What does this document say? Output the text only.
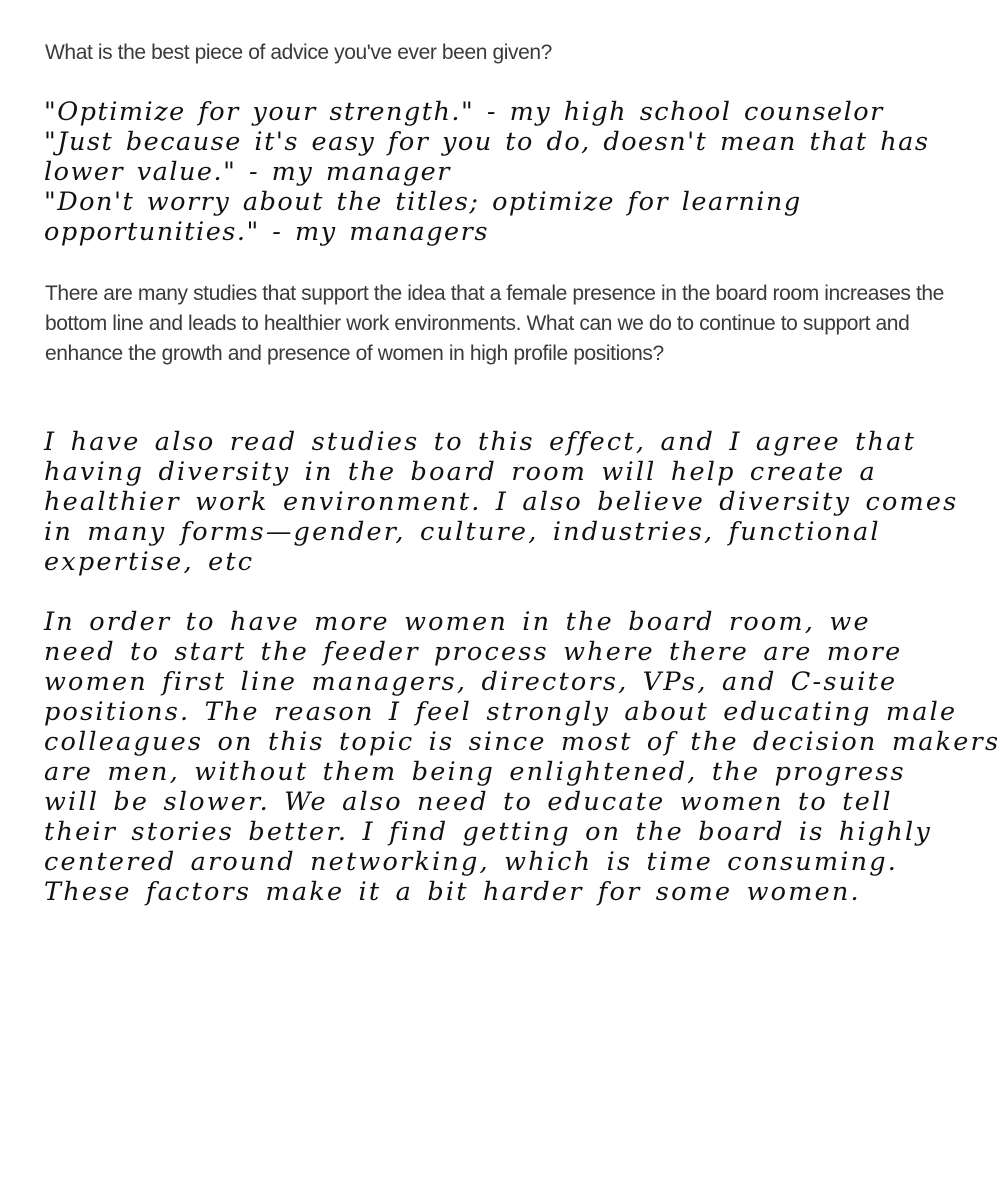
What is the best piece of advice you've ever been given?

"Optimize for your strength." - my high school counselor
"Just because it's easy for you to do, doesn't mean that has
lower value." - my manager
"Don't worry about the titles; optimize for learning
opportunities." - my managers

There are many studies that support the idea that a female presence in the board room increases the bottom line and leads to healthier work environments. What can we do to continue to support and enhance the growth and presence of women in high profile positions?

I have also read studies to this effect, and I agree that
having diversity in the board room will help create a
healthier work environment. I also believe diversity comes
in many forms—gender, culture, industries, functional
expertise, etc
In order to have more women in the board room, we
need to start the feeder process where there are more
women first line managers, directors, VPs, and C-suite
positions. The reason I feel strongly about educating male
colleagues on this topic is since most of the decision makers
are men, without them being enlightened, the progress
will be slower. We also need to educate women to tell
their stories better. I find getting on the board is highly
centered around networking, which is time consuming.
These factors make it a bit harder for some women.
